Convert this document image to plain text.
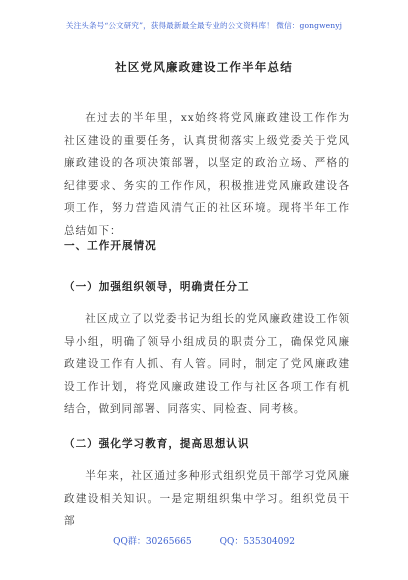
关注头条号“公文研究”，获得最新最全最专业的公文资料库！ 微信：gongwenyj
社区党风廉政建设工作半年总结

在过去的半年里，xx始终将党风廉政建设工作作为社区建设的重要任务，认真贯彻落实上级党委关于党风廉政建设的各项决策部署，以坚定的政治立场、严格的纪律要求、务实的工作作风，积极推进党风廉政建设各项工作，努力营造风清气正的社区环境。现将半年工作总结如下：

一、工作开展情况
（一）加强组织领导，明确责任分工

社区成立了以党委书记为组长的党风廉政建设工作领导小组，明确了领导小组成员的职责分工，确保党风廉政建设工作有人抓、有人管。同时，制定了党风廉政建设工作计划，将党风廉政建设工作与社区各项工作有机结合，做到同部署、同落实、同检查、同考核。

（二）强化学习教育，提高思想认识

半年来，社区通过多种形式组织党员干部学习党风廉政建设相关知识。一是定期组织集中学习。组织党员干部

QQ群：30265665	QQ：535304092
